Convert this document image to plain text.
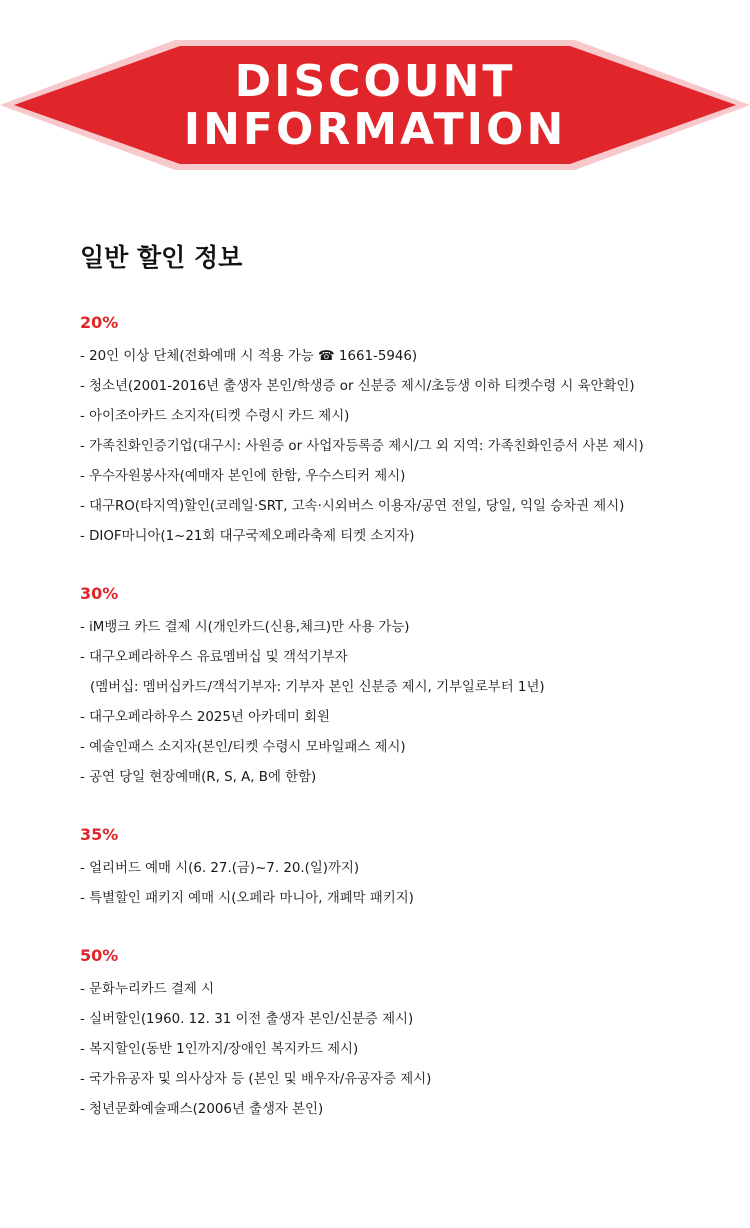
DISCOUNT
INFORMATION
일반 할인 정보
20%
- 20인 이상 단체(전화예매 시 적용 가능 ☎ 1661-5946)
- 청소년(2001-2016년 출생자 본인/학생증 or 신분증 제시/초등생 이하 티켓수령 시 육안확인)
- 아이조아카드 소지자(티켓 수령시 카드 제시)
- 가족친화인증기업(대구시: 사원증 or 사업자등록증 제시/그 외 지역: 가족친화인증서 사본 제시)
- 우수자원봉사자(예매자 본인에 한함, 우수스티커 제시)
- 대구RO(타지역)할인(코레일·SRT, 고속·시외버스 이용자/공연 전일, 당일, 익일 승차권 제시)
- DIOF마니아(1~21회 대구국제오페라축제 티켓 소지자)
30%
- iM뱅크 카드 결제 시(개인카드(신용,체크)만 사용 가능)
- 대구오페라하우스 유료멤버십 및 객석기부자
(멤버십: 멤버십카드/객석기부자: 기부자 본인 신분증 제시, 기부일로부터 1년)
- 대구오페라하우스 2025년 아카데미 회원
- 예술인패스 소지자(본인/티켓 수령시 모바일패스 제시)
- 공연 당일 현장예매(R, S, A, B에 한함)
35%
- 얼리버드 예매 시(6. 27.(금)~7. 20.(일)까지)
- 특별할인 패키지 예매 시(오페라 마니아, 개폐막 패키지)
50%
- 문화누리카드 결제 시
- 실버할인(1960. 12. 31 이전 출생자 본인/신분증 제시)
- 복지할인(동반 1인까지/장애인 복지카드 제시)
- 국가유공자 및 의사상자 등 (본인 및 배우자/유공자증 제시)
- 청년문화예술패스(2006년 출생자 본인)
